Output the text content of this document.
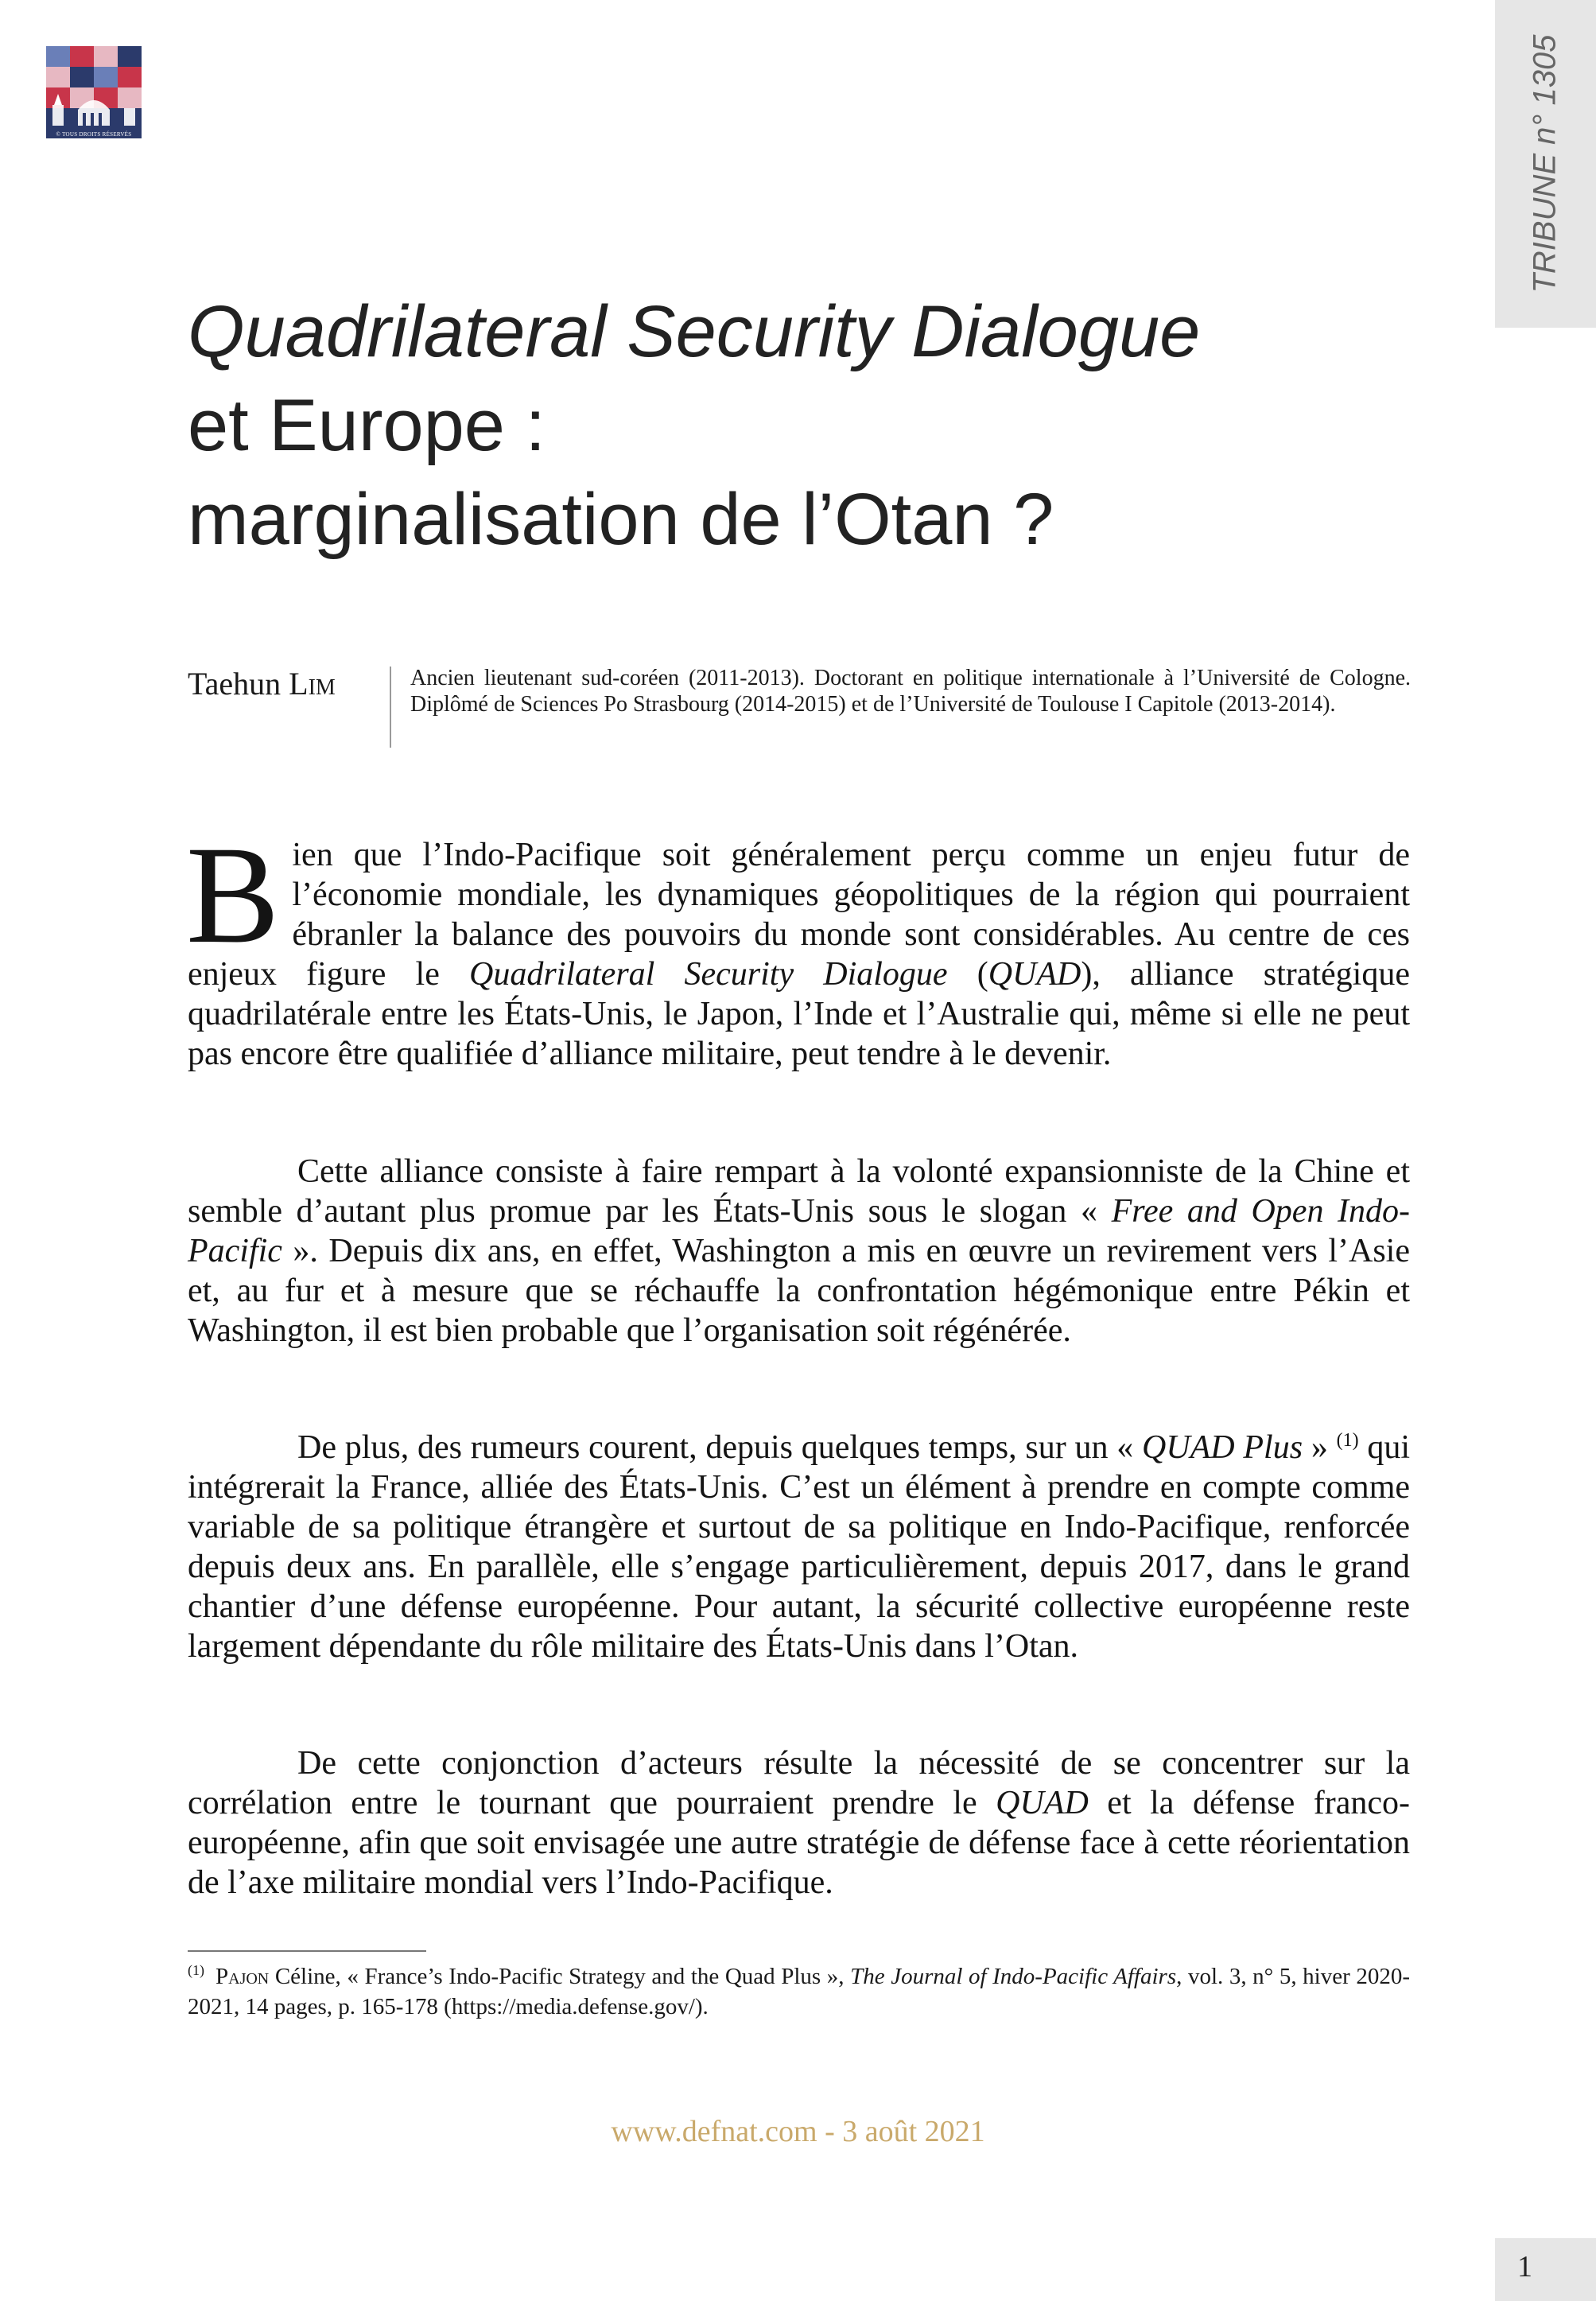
© TOUS DROITS RÉSERVÉS	TRIBUNE n° 1305
Quadrilateral Security Dialogue
et Europe :
marginalisation de l’Otan ?
Taehun Lim	Ancien lieutenant sud-coréen (2011-2013). Doctorant en politique internationale à l’Université de Cologne. Diplômé de Sciences Po Strasbourg (2014-2015) et de l’Université de Toulouse I Capitole (2013-2014).
Bien que l’Indo-Pacifique soit généralement perçu comme un enjeu futur de l’économie mondiale, les dynamiques géopolitiques de la région qui pourraient ébranler la balance des pouvoirs du monde sont considérables. Au centre de ces enjeux figure le Quadrilateral Security Dialogue (QUAD), alliance stratégique quadrilatérale entre les États-Unis, le Japon, l’Inde et l’Australie qui, même si elle ne peut pas encore être qualifiée d’alliance militaire, peut tendre à le devenir.
Cette alliance consiste à faire rempart à la volonté expansionniste de la Chine et semble d’autant plus promue par les États-Unis sous le slogan « Free and Open Indo-Pacific ». Depuis dix ans, en effet, Washington a mis en œuvre un revirement vers l’Asie et, au fur et à mesure que se réchauffe la confrontation hégémonique entre Pékin et Washington, il est bien probable que l’organisation soit régénérée.
De plus, des rumeurs courent, depuis quelques temps, sur un « QUAD Plus » $^{(1)}$ qui intégrerait la France, alliée des États-Unis. C’est un élément à prendre en compte comme variable de sa politique étrangère et surtout de sa politique en Indo-Pacifique, renforcée depuis deux ans. En parallèle, elle s’engage particulièrement, depuis 2017, dans le grand chantier d’une défense européenne. Pour autant, la sécurité collective européenne reste largement dépendante du rôle militaire des États-Unis dans l’Otan.
De cette conjonction d’acteurs résulte la nécessité de se concentrer sur la corrélation entre le tournant que pourraient prendre le QUAD et la défense franco-européenne, afin que soit envisagée une autre stratégie de défense face à cette réorientation de l’axe militaire mondial vers l’Indo-Pacifique.
$^{(1)}$ Pajon Céline, « France’s Indo-Pacific Strategy and the Quad Plus », The Journal of Indo-Pacific Affairs, vol. 3, n° 5, hiver 2020-2021, 14 pages, p. 165-178 (https://media.defense.gov/).
www.defnat.com - 3 août 2021
1
